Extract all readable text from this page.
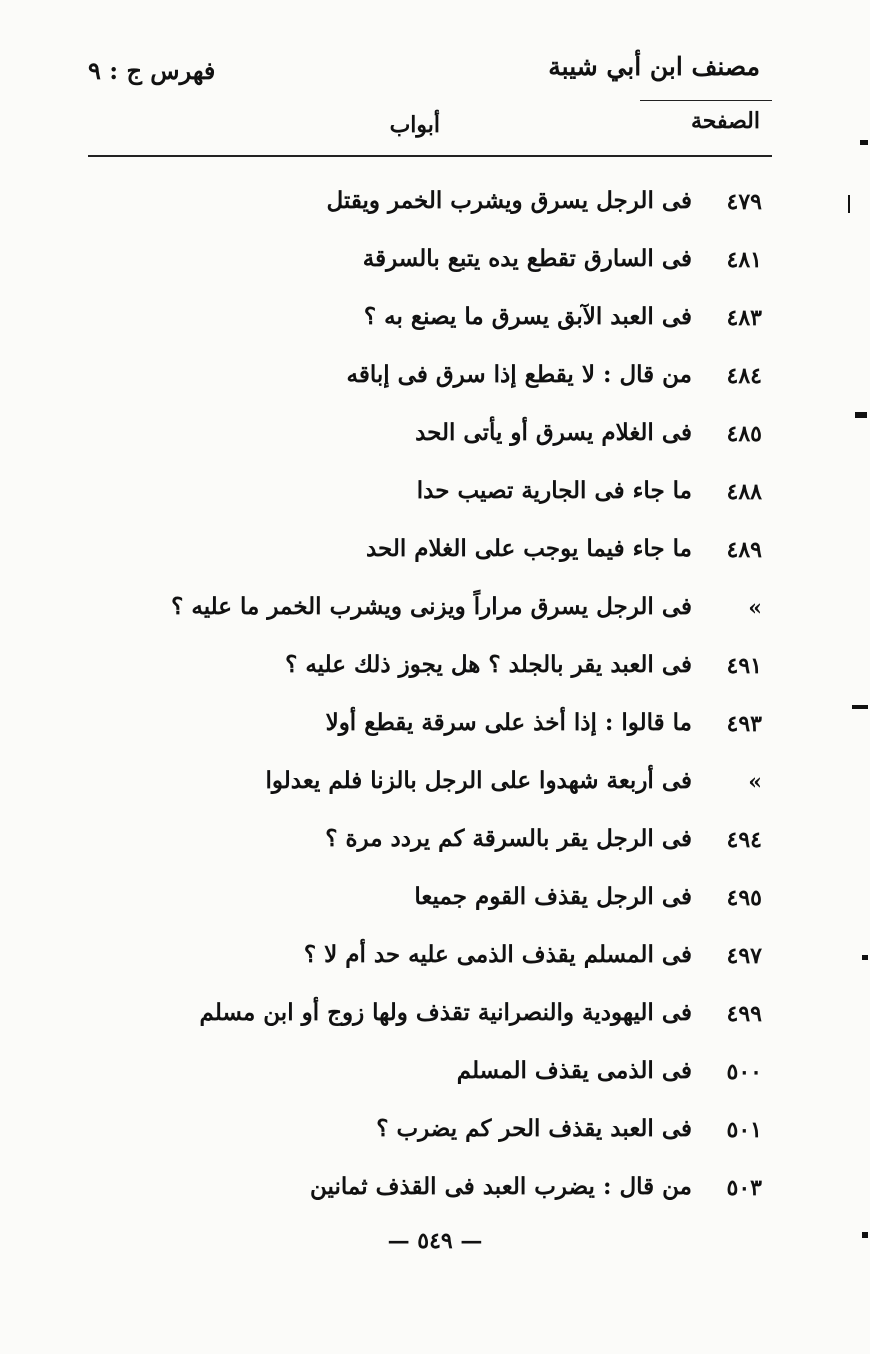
مصنف ابن أبي شيبة
فهرس ج : ٩
الصفحة
أبواب
٤٧٩
فى الرجل يسرق ويشرب الخمر ويقتل
٤٨١
فى السارق تقطع يده يتبع بالسرقة
٤٨٣
فى العبد الآبق يسرق ما يصنع به ؟
٤٨٤
من قال : لا يقطع إذا سرق فى إباقه
٤٨٥
فى الغلام يسرق أو يأتى الحد
٤٨٨
ما جاء فى الجارية تصيب حدا
٤٨٩
ما جاء فيما يوجب على الغلام الحد
»
فى الرجل يسرق مراراً ويزنى ويشرب الخمر ما عليه ؟
٤٩١
فى العبد يقر بالجلد ؟ هل يجوز ذلك عليه ؟
٤٩٣
ما قالوا : إذا أخذ على سرقة يقطع أولا
»
فى أربعة شهدوا على الرجل بالزنا فلم يعدلوا
٤٩٤
فى الرجل يقر بالسرقة كم يردد مرة ؟
٤٩٥
فى الرجل يقذف القوم جميعا
٤٩٧
فى المسلم يقذف الذمى عليه حد أم لا ؟
٤٩٩
فى اليهودية والنصرانية تقذف ولها زوج أو ابن مسلم
٥٠٠
فى الذمى يقذف المسلم
٥٠١
فى العبد يقذف الحر كم يضرب ؟
٥٠٣
من قال : يضرب العبد فى القذف ثمانين
— ٥٤٩ —
